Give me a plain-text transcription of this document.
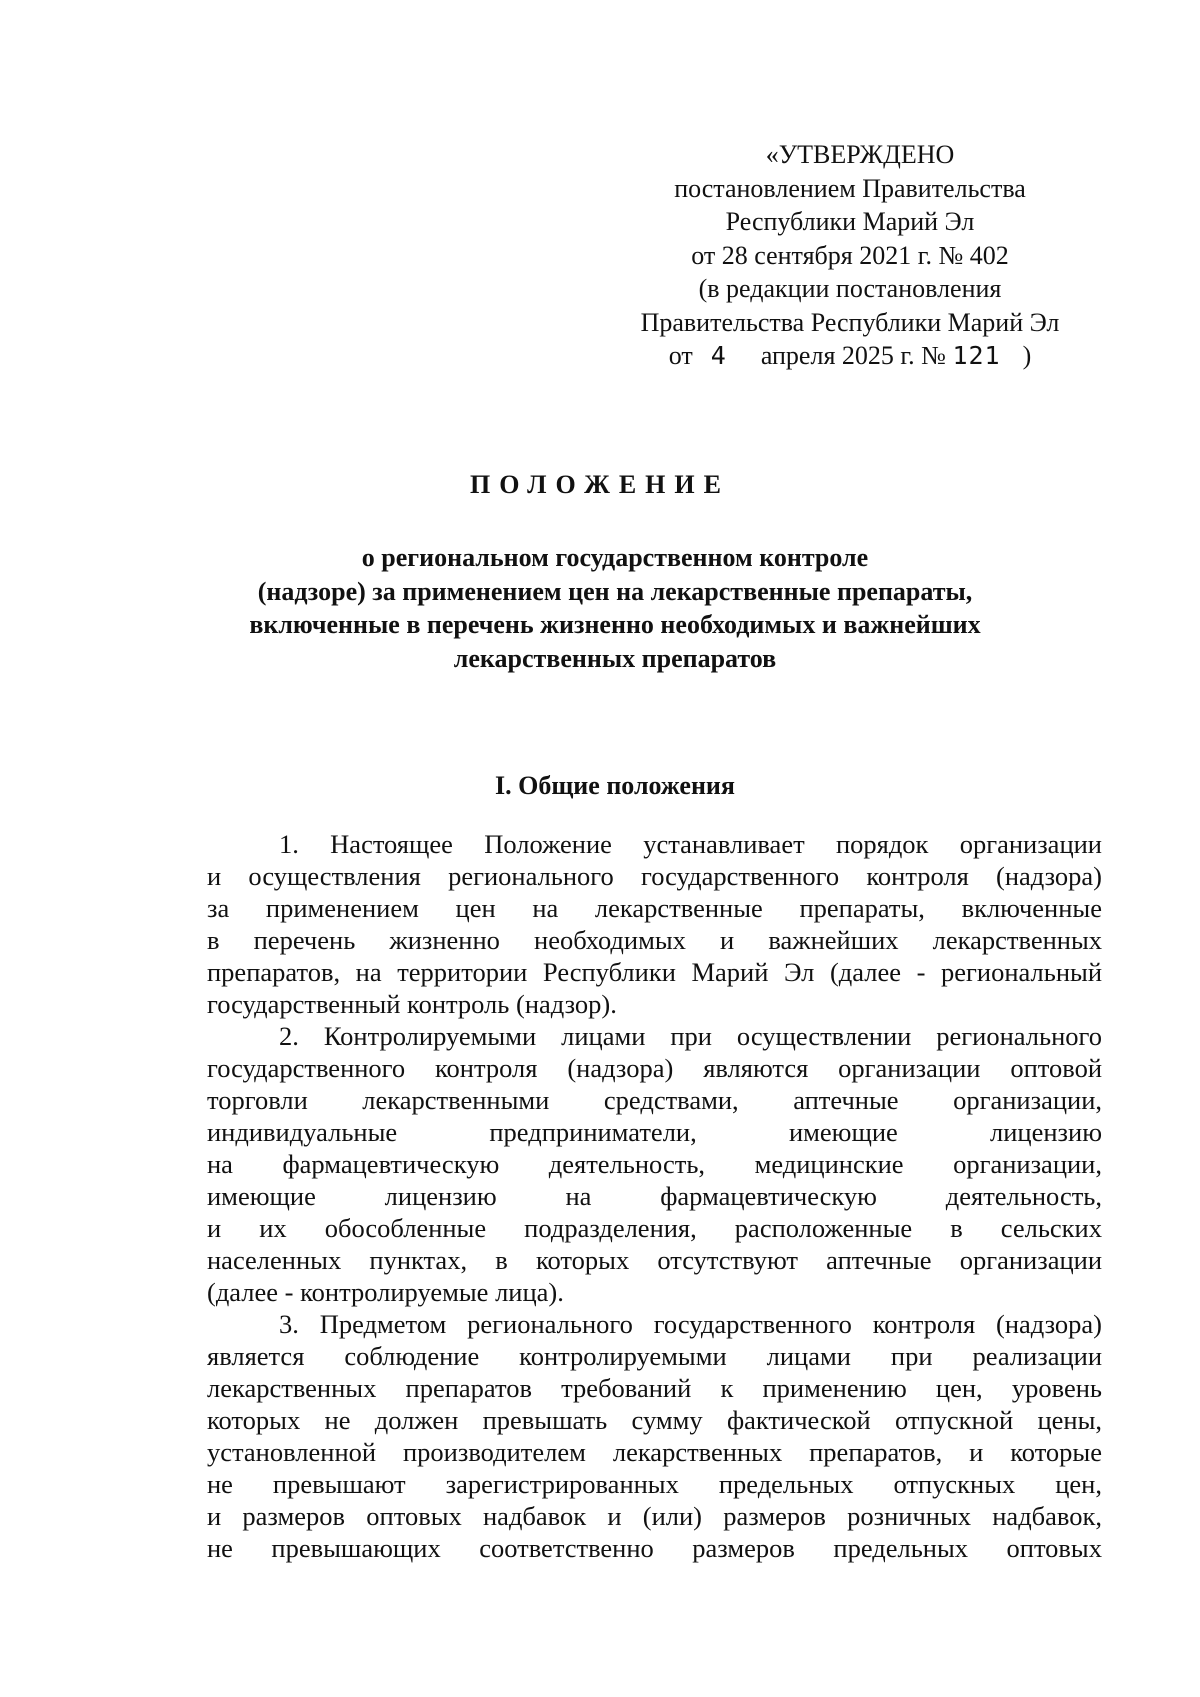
«УТВЕРЖДЕНО
постановлением Правительства
Республики Марий Эл
от 28 сентября 2021 г. № 402
(в редакции постановления
Правительства Республики Марий Эл
от 4 апреля 2025 г. № 121 )
ПОЛОЖЕНИЕ
о региональном государственном контроле
(надзоре) за применением цен на лекарственные препараты,
включенные в перечень жизненно необходимых и важнейших
лекарственных препаратов
I. Общие положения
1. Настоящее Положение устанавливает порядок организации
и осуществления регионального государственного контроля (надзора)
за применением цен на лекарственные препараты, включенные
в перечень жизненно необходимых и важнейших лекарственных
препаратов, на территории Республики Марий Эл (далее - региональный
государственный контроль (надзор).
2. Контролируемыми лицами при осуществлении регионального
государственного контроля (надзора) являются организации оптовой
торговли лекарственными средствами, аптечные организации,
индивидуальные предприниматели, имеющие лицензию
на фармацевтическую деятельность, медицинские организации,
имеющие лицензию на фармацевтическую деятельность,
и их обособленные подразделения, расположенные в сельских
населенных пунктах, в которых отсутствуют аптечные организации
(далее - контролируемые лица).
3. Предметом регионального государственного контроля (надзора)
является соблюдение контролируемыми лицами при реализации
лекарственных препаратов требований к применению цен, уровень
которых не должен превышать сумму фактической отпускной цены,
установленной производителем лекарственных препаратов, и которые
не превышают зарегистрированных предельных отпускных цен,
и размеров оптовых надбавок и (или) размеров розничных надбавок,
не превышающих соответственно размеров предельных оптовых
